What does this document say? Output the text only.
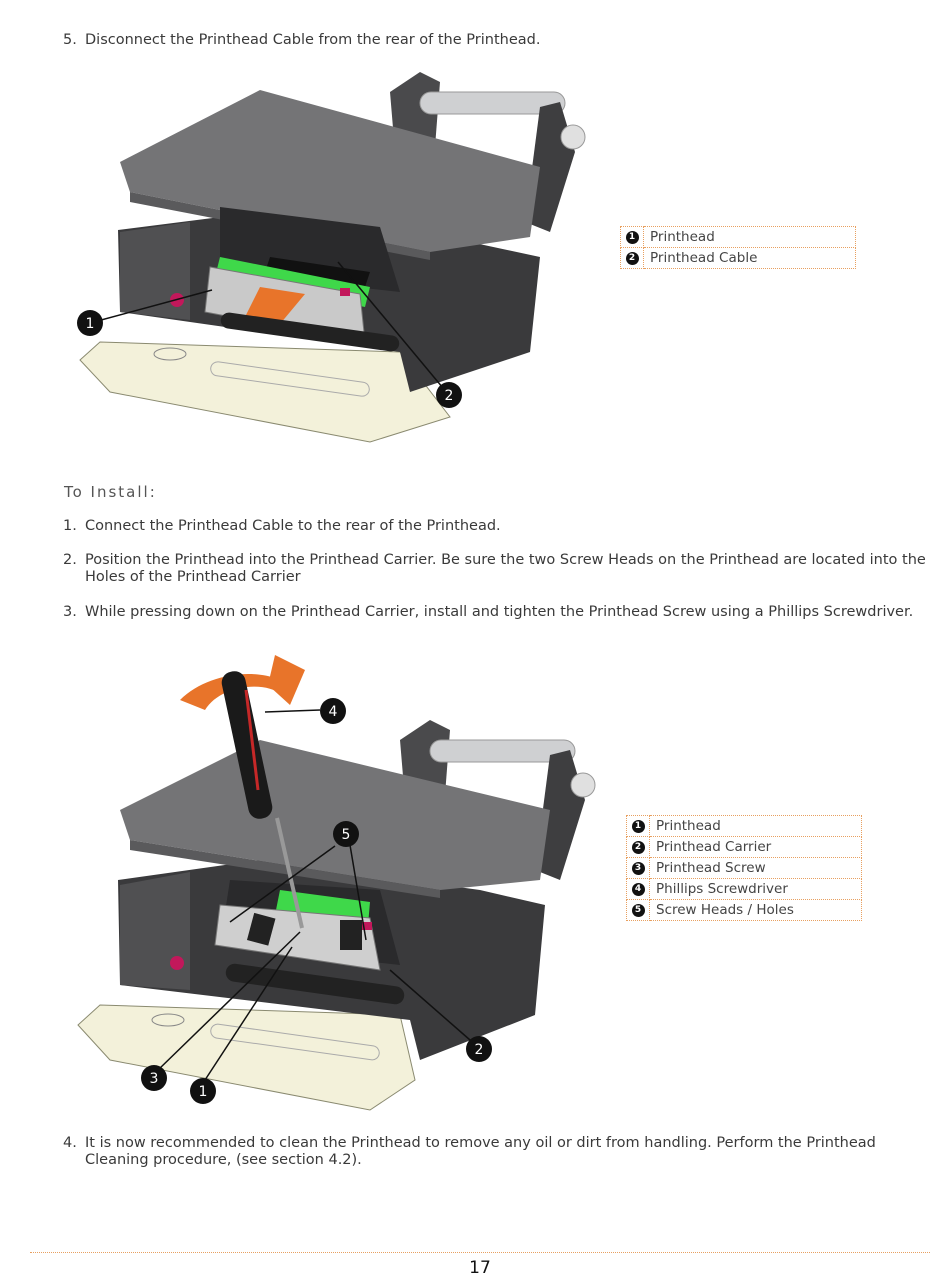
5. Disconnect the Printhead Cable from the rear of the Printhead.
1
2
1	Printhead
2	Printhead Cable
To Install:
1. Connect the Printhead Cable to the rear of the Printhead.
2. Position the Printhead into the Printhead Carrier. Be sure the two Screw Heads on the Printhead are located into the Holes of the Printhead Carrier
3. While pressing down on the Printhead Carrier, install and tighten the Printhead Screw using a Phillips Screwdriver.
4
5
2
3
1
1	Printhead
2	Printhead Carrier
3	Printhead Screw
4	Phillips Screwdriver
5	Screw Heads / Holes
4. It is now recommended to clean the Printhead to remove any oil or dirt from handling. Perform the Printhead Cleaning procedure, (see section 4.2).
17
